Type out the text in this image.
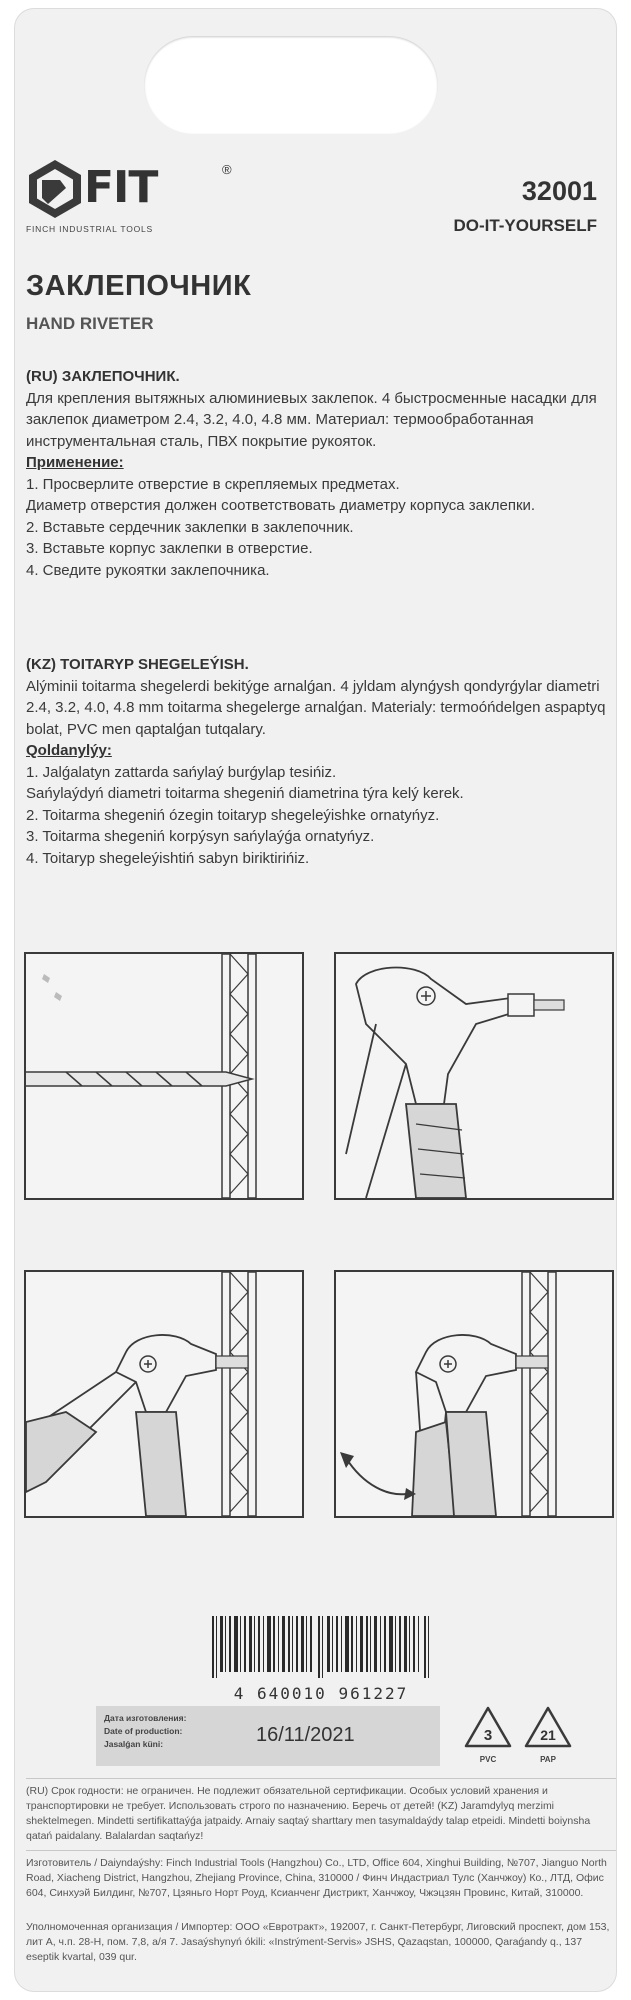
FIT	®
FINCH INDUSTRIAL TOOLS
32001
DO-IT-YOURSELF
ЗАКЛЕПОЧНИК
HAND RIVETER
(RU) ЗАКЛЕПОЧНИК.
Для крепления вытяжных алюминиевых заклепок. 4 быстросменные насадки для заклепок диаметром 2.4, 3.2, 4.0, 4.8 мм. Материал: термообработанная инструментальная сталь, ПВХ покрытие рукояток.
Применение:
1. Просверлите отверстие в скрепляемых предметах.
Диаметр отверстия должен соответствовать диаметру корпуса заклепки.
2. Вставьте сердечник заклепки в заклепочник.
3. Вставьте корпус заклепки в отверстие.
4. Сведите рукоятки заклепочника.
(KZ) TOITARYP SHEGELEÝISH.
Alýminii toitarma shegelerdi bekitýge arnalǵan. 4 jyldam alynǵysh qondyrǵylar diametri 2.4, 3.2, 4.0, 4.8 mm toitarma shegelerge arnalǵan. Materialy: termoóńdelgen aspaptyq bolat, PVC men qaptalǵan tutqalary.
Qoldanylýy:
1. Jalǵalatyn zattarda sańylaý burǵylap tesińiz.
Sańylaýdyń diametri toitarma shegeniń diametrina týra kelý kerek.
2. Toitarma shegeniń ózegin toitaryp shegeleýishke ornatyńyz.
3. Toitarma shegeniń korpýsyn sańylaýǵa ornatyńyz.
4. Toitaryp shegeleýishtiń sabyn biriktirińiz.
4 640010 961227
Дата изготовления:
Date of production:
Jasalǵan küni:	16/11/2021	3
PVC
21
PAP
(RU) Срок годности: не ограничен. Не подлежит обязательной сертификации. Особых условий хранения и транспортировки не требует. Использовать строго по назначению. Беречь от детей! (KZ) Jaramdylyq merzimi shektelmegen. Mindetti sertifikattaýǵa jatpaidy. Arnaiy saqtaý sharttary men tasymaldaýdy talap etpeidi. Mindetti boiynsha qatań paidalany. Balalardan saqtańyz!
Изготовитель / Daiyndaýshy: Finch Industrial Tools (Hangzhou) Co., LTD, Office 604, Xinghui Building, №707, Jianguo North Road, Xiacheng District, Hangzhou, Zhejiang Province, China, 310000 / Финч Индастриал Тулс (Ханчжоу) Ко., ЛТД, Офис 604, Синхуэй Билдинг, №707, Цзяньго Норт Роуд, Ксианченг Дистрикт, Ханчжоу, Чжэцзян Провинс, Китай, 310000.
Уполномоченная организация / Импортер: ООО «Евротракт», 192007, г. Санкт-Петербург, Лиговский проспект, дом 153, лит А, ч.п. 28-Н, пом. 7,8, а/я 7. Jasaýshynyń ókili: «Instrýment-Servis» JSHS, Qazaqstan, 100000, Qaraǵandy q., 137 eseptik kvartal, 039 qur.
